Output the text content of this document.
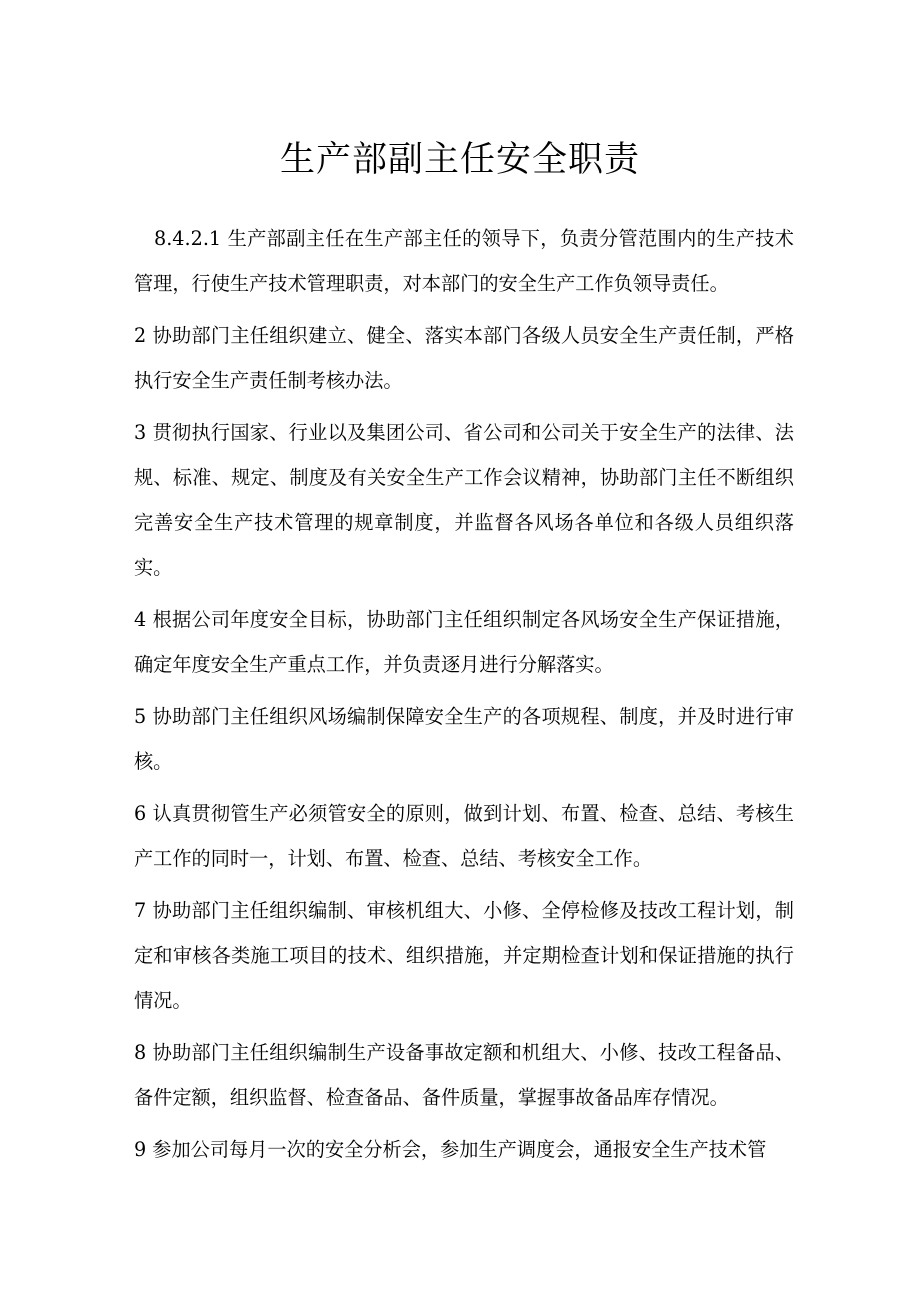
生产部副主任安全职责

8.4.2.1 生产部副主任在生产部主任的领导下，负责分管范围内的生产技术管理，行使生产技术管理职责，对本部门的安全生产工作负领导责任。

2 协助部门主任组织建立、健全、落实本部门各级人员安全生产责任制，严格执行安全生产责任制考核办法。

3 贯彻执行国家、行业以及集团公司、省公司和公司关于安全生产的法律、法规、标准、规定、制度及有关安全生产工作会议精神，协助部门主任不断组织完善安全生产技术管理的规章制度，并监督各风场各单位和各级人员组织落实。

4 根据公司年度安全目标，协助部门主任组织制定各风场安全生产保证措施，确定年度安全生产重点工作，并负责逐月进行分解落实。

5 协助部门主任组织风场编制保障安全生产的各项规程、制度，并及时进行审核。

6 认真贯彻管生产必须管安全的原则，做到计划、布置、检查、总结、考核生产工作的同时一，计划、布置、检查、总结、考核安全工作。

7 协助部门主任组织编制、审核机组大、小修、全停检修及技改工程计划，制定和审核各类施工项目的技术、组织措施，并定期检查计划和保证措施的执行情况。

8 协助部门主任组织编制生产设备事故定额和机组大、小修、技改工程备品、备件定额，组织监督、检查备品、备件质量，掌握事故备品库存情况。

9 参加公司每月一次的安全分析会，参加生产调度会，通报安全生产技术管
